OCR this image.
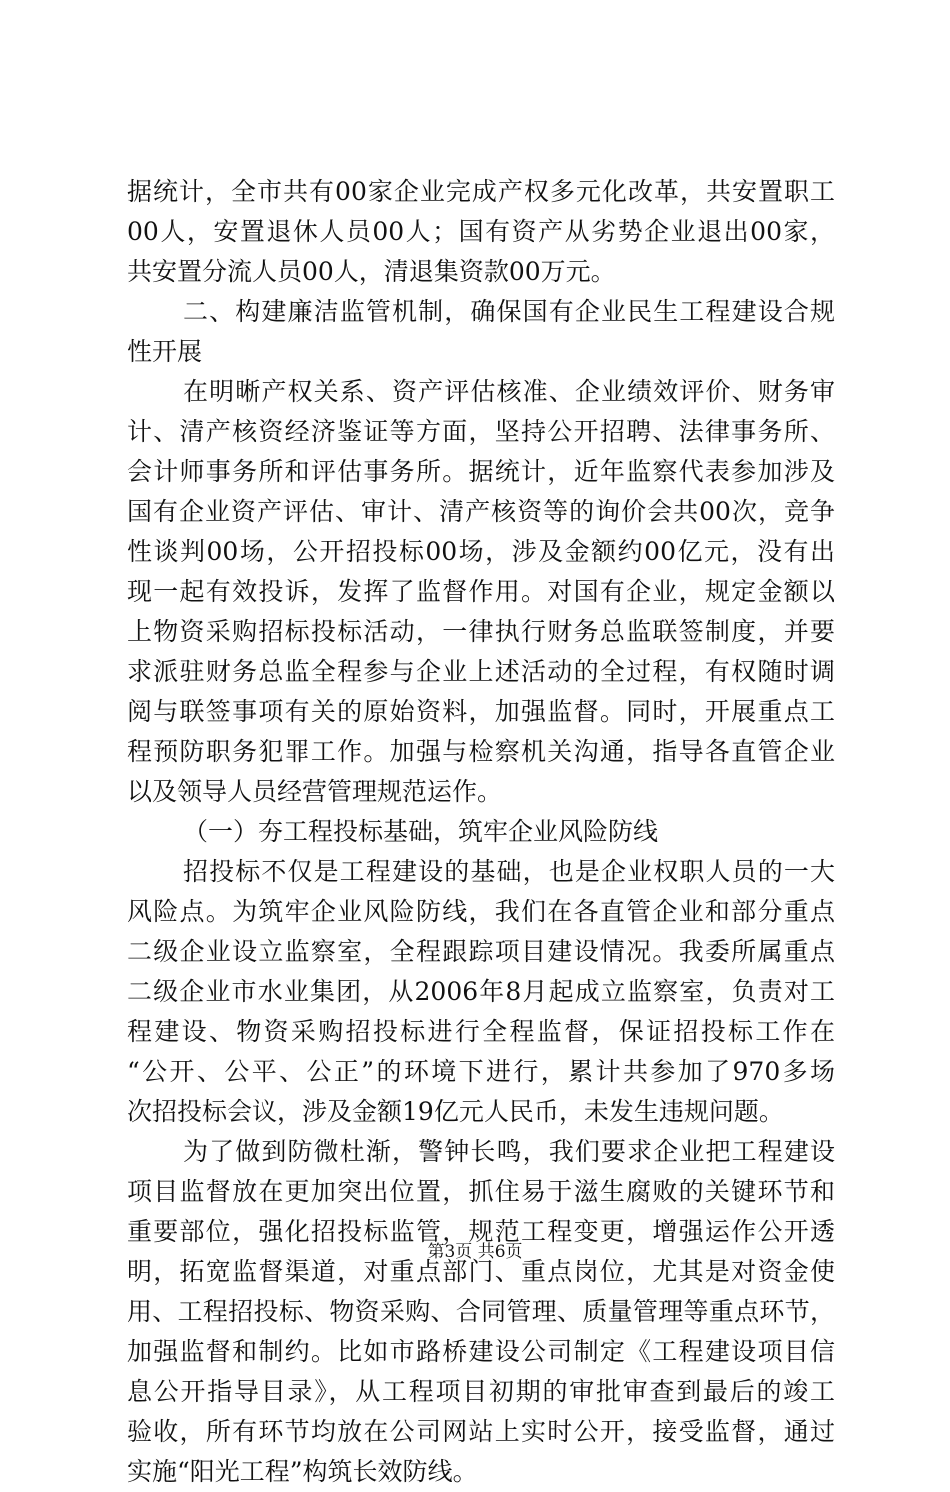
据统计，全市共有00家企业完成产权多元化改革，共安置职工
00人，安置退休人员00人；国有资产从劣势企业退出00家，
共安置分流人员00人，清退集资款00万元。
二、构建廉洁监管机制，确保国有企业民生工程建设合规
性开展
在明晰产权关系、资产评估核准、企业绩效评价、财务审
计、清产核资经济鉴证等方面，坚持公开招聘、法律事务所、
会计师事务所和评估事务所。据统计，近年监察代表参加涉及
国有企业资产评估、审计、清产核资等的询价会共00次，竞争
性谈判00场，公开招投标00场，涉及金额约00亿元，没有出
现一起有效投诉，发挥了监督作用。对国有企业，规定金额以
上物资采购招标投标活动，一律执行财务总监联签制度，并要
求派驻财务总监全程参与企业上述活动的全过程，有权随时调
阅与联签事项有关的原始资料，加强监督。同时，开展重点工
程预防职务犯罪工作。加强与检察机关沟通，指导各直管企业
以及领导人员经营管理规范运作。
（一）夯工程投标基础，筑牢企业风险防线
招投标不仅是工程建设的基础，也是企业权职人员的一大
风险点。为筑牢企业风险防线，我们在各直管企业和部分重点
二级企业设立监察室，全程跟踪项目建设情况。我委所属重点
二级企业市水业集团，从2006年8月起成立监察室，负责对工
程建设、物资采购招投标进行全程监督，保证招投标工作在
“公开、公平、公正”的环境下进行，累计共参加了970多场
次招投标会议，涉及金额19亿元人民币，未发生违规问题。
为了做到防微杜渐，警钟长鸣，我们要求企业把工程建设
项目监督放在更加突出位置，抓住易于滋生腐败的关键环节和
重要部位，强化招投标监管，规范工程变更，增强运作公开透
明，拓宽监督渠道，对重点部门、重点岗位，尤其是对资金使
用、工程招投标、物资采购、合同管理、质量管理等重点环节，
加强监督和制约。比如市路桥建设公司制定《工程建设项目信
息公开指导目录》，从工程项目初期的审批审查到最后的竣工
验收，所有环节均放在公司网站上实时公开，接受监督，通过
实施“阳光工程”构筑长效防线。
第3页 共6页
